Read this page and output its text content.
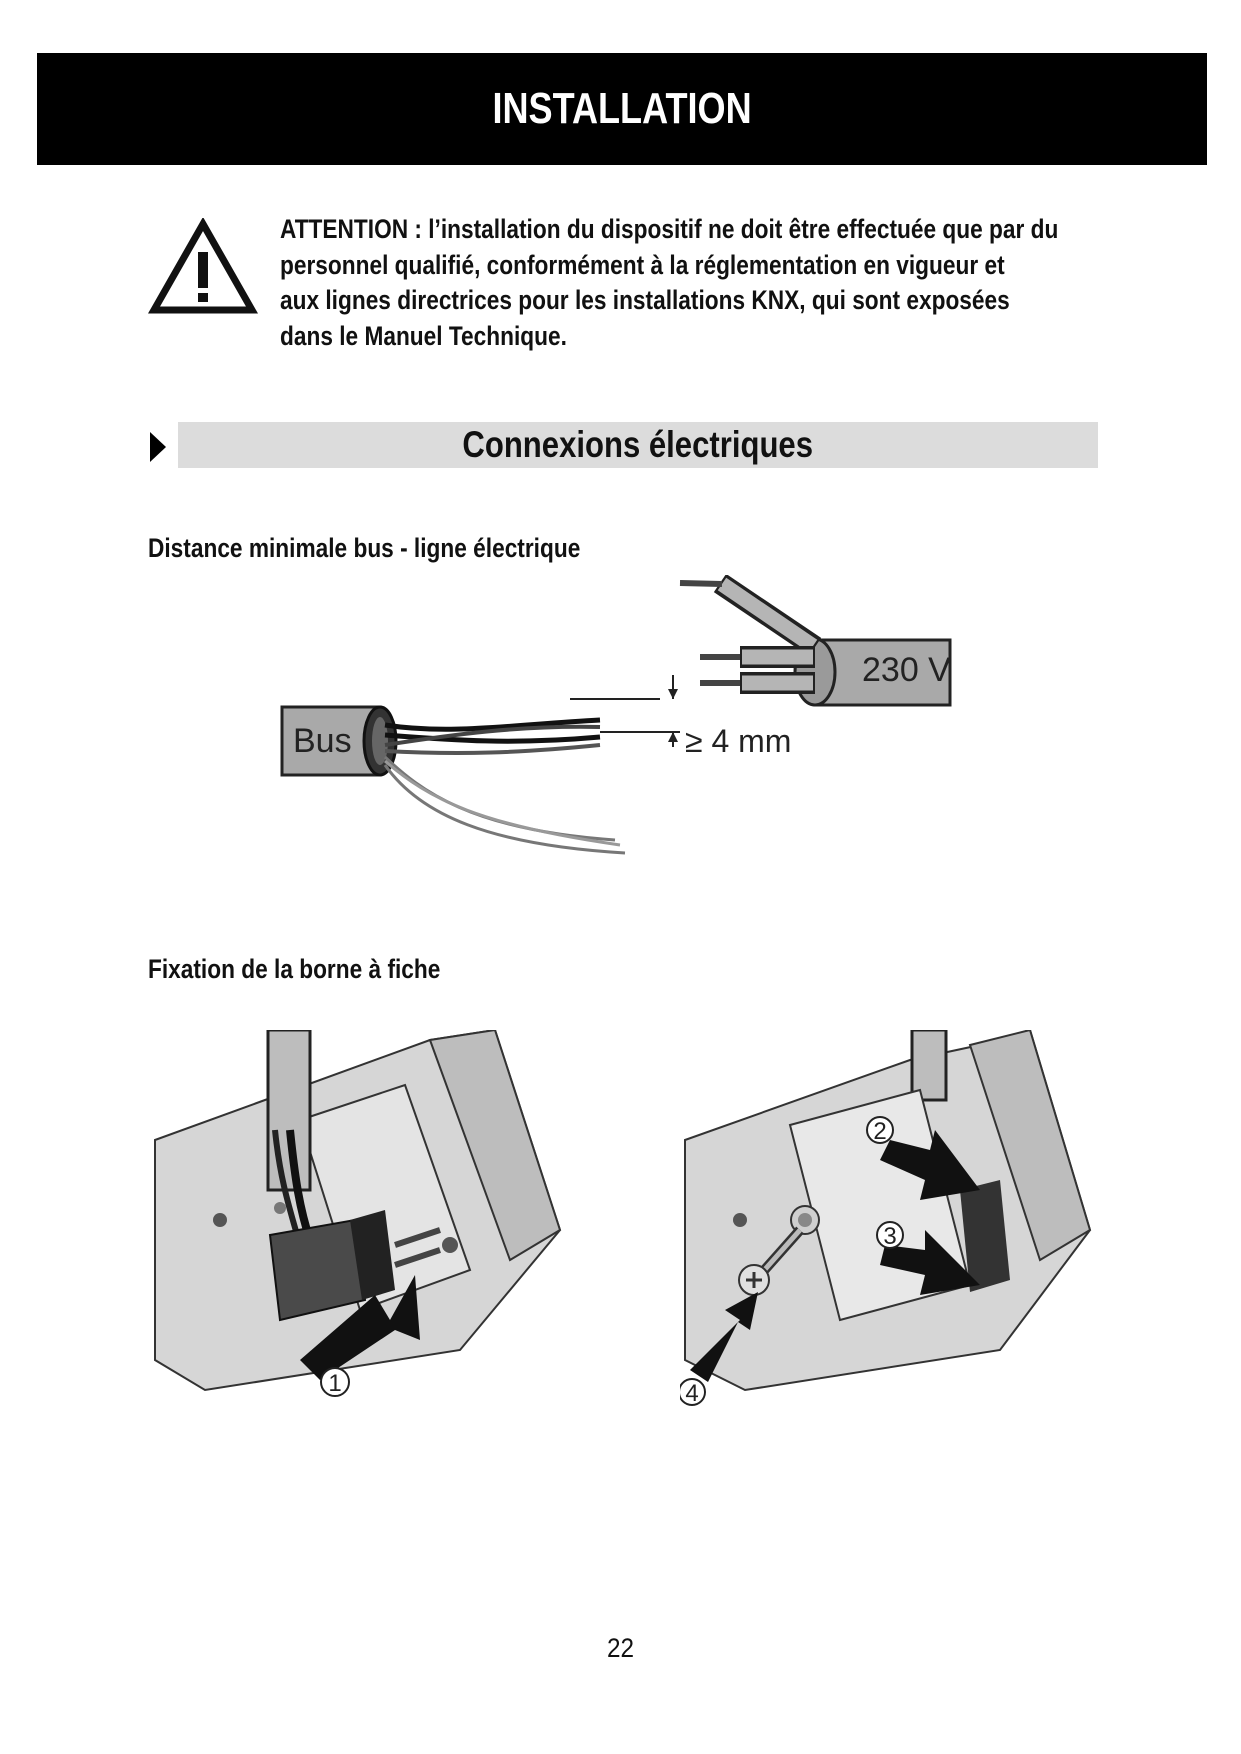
INSTALLATION
ATTENTION : l’installation du dispositif ne doit être effectuée que par du
personnel qualifié, conformément à la réglementation en vigueur et
aux lignes directrices pour les installations KNX, qui sont exposées
dans le Manuel Technique.
Connexions électriques
Distance minimale bus - ligne électrique
230 V
Bus	≥ 4 mm
Fixation de la borne à fiche
1
2
3
4
22
